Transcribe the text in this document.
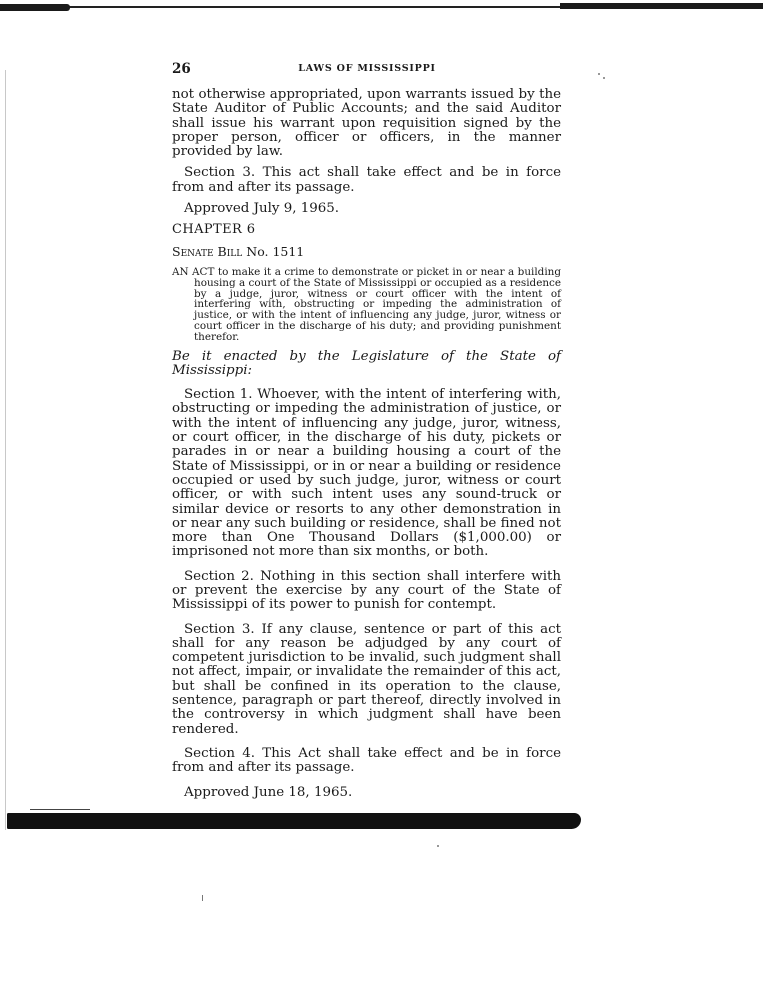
26	LAWS OF MISSISSIPPI

not otherwise appropriated, upon warrants issued by the State Auditor of Public Accounts; and the said Auditor shall issue his warrant upon requisition signed by the proper person, officer or officers, in the manner provided by law.

Section 3. This act shall take effect and be in force from and after its passage.

Approved July 9, 1965.

CHAPTER 6

Senate Bill No. 1511

AN ACT to make it a crime to demonstrate or picket in or near a building housing a court of the State of Mississippi or occupied as a residence by a judge, juror, witness or court officer with the intent of interfering with, obstructing or impeding the administration of justice, or with the intent of influencing any judge, juror, witness or court officer in the discharge of his duty; and providing punishment therefor.

Be it enacted by the Legislature of the State of Mississippi:

Section 1. Whoever, with the intent of interfering with, obstructing or impeding the administration of justice, or with the intent of influencing any judge, juror, witness, or court officer, in the discharge of his duty, pickets or parades in or near a building housing a court of the State of Mississippi, or in or near a building or residence occupied or used by such judge, juror, witness or court officer, or with such intent uses any sound-truck or similar device or resorts to any other demonstration in or near any such building or residence, shall be fined not more than One Thousand Dollars ($1,000.00) or imprisoned not more than six months, or both.

Section 2. Nothing in this section shall interfere with or prevent the exercise by any court of the State of Mississippi of its power to punish for contempt.

Section 3. If any clause, sentence or part of this act shall for any reason be adjudged by any court of competent jurisdiction to be invalid, such judgment shall not affect, impair, or invalidate the remainder of this act, but shall be confined in its operation to the clause, sentence, paragraph or part thereof, directly involved in the controversy in which judgment shall have been rendered.

Section 4. This Act shall take effect and be in force from and after its passage.

Approved June 18, 1965.
